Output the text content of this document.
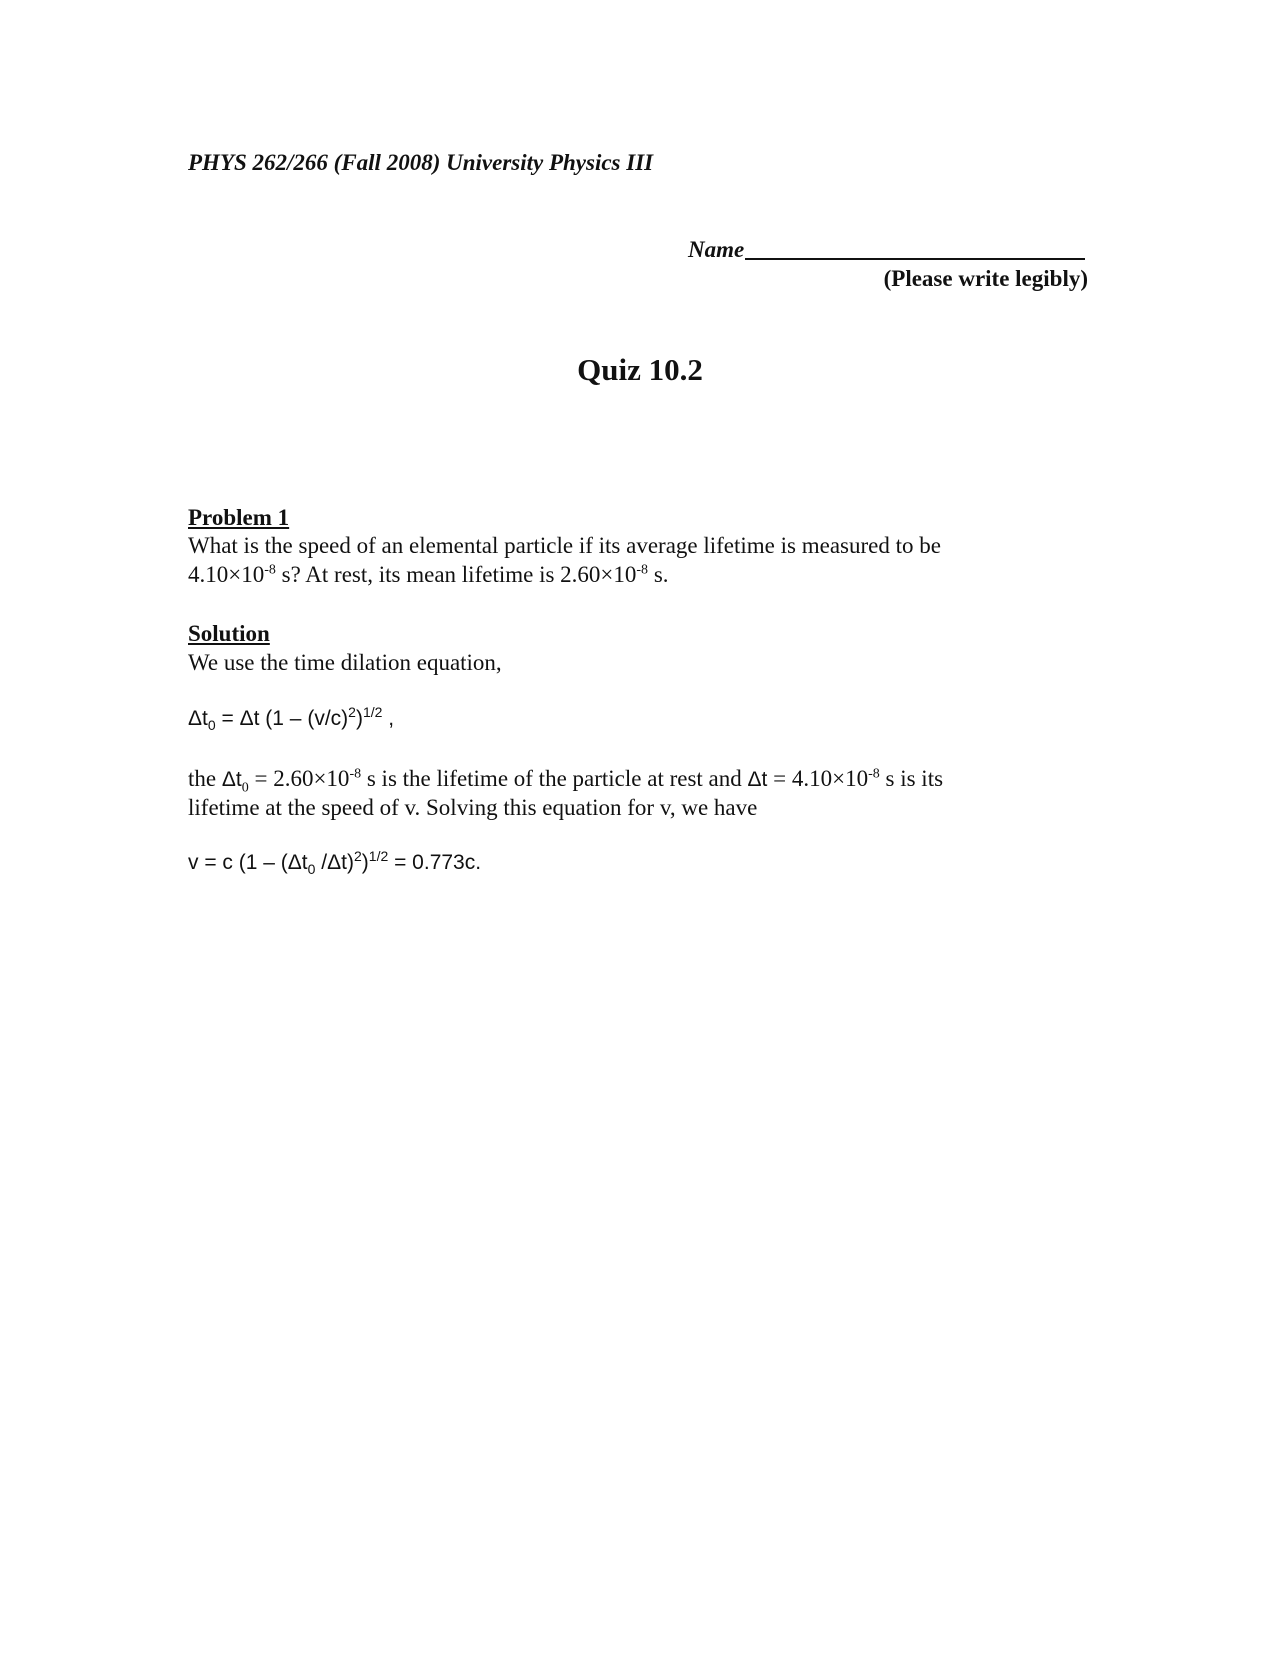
PHYS 262/266 (Fall 2008) University Physics III
Name
(Please write legibly)
Quiz 10.2
Problem 1
What is the speed of an elemental particle if its average lifetime is measured to be
$4.10\times 10^{-8}$ s? At rest, its mean lifetime is $2.60\times 10^{-8}$ s.
Solution
We use the time dilation equation,
$\Delta t_0 = \Delta t$ $(1 - (v/c)^2)^{1/2}$ ,
the $\Delta t_0 = 2.60\times 10^{-8}$ s is the lifetime of the particle at rest and $\Delta t = 4.10\times 10^{-8}$ s is its
lifetime at the speed of v. Solving this equation for v, we have
v = c ($1 - (\Delta t_0$ /Δt)$^2$)$^{1/2}$ = 0.773c.
